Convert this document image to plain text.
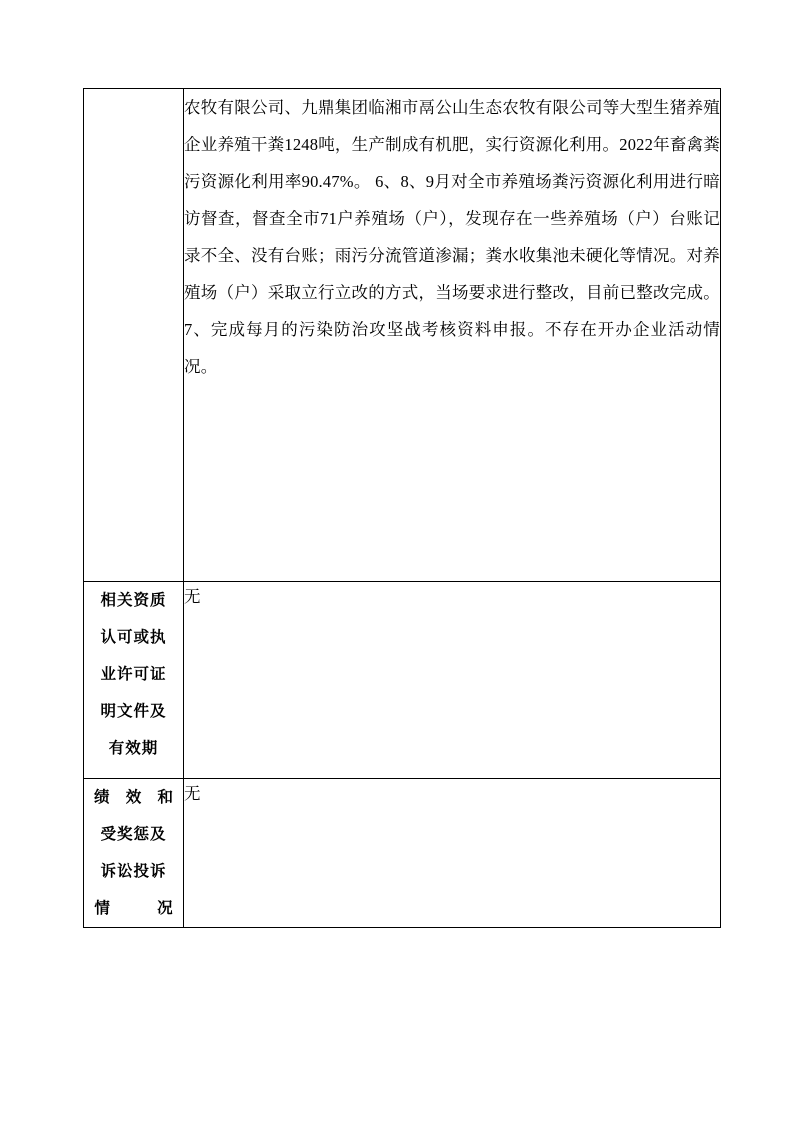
	农牧有限公司、九鼎集团临湘市鬲公山生态农牧有限公司等大型生猪养殖企业养殖干粪1248吨，生产制成有机肥，实行资源化利用。2022年畜禽粪污资源化利用率90.47%。 6、8、9月对全市养殖场粪污资源化利用进行暗访督查，督查全市71户养殖场（户），发现存在一些养殖场（户）台账记录不全、没有台账；雨污分流管道渗漏；粪水收集池未硬化等情况。对养殖场（户）采取立行立改的方式，当场要求进行整改，目前已整改完成。 7、完成每月的污染防治攻坚战考核资料申报。不存在开办企业活动情况。

相关资质
认可或执
业许可证
明文件及
有效期	无

绩 效 和
受奖惩及
诉讼投诉
情    况	无
